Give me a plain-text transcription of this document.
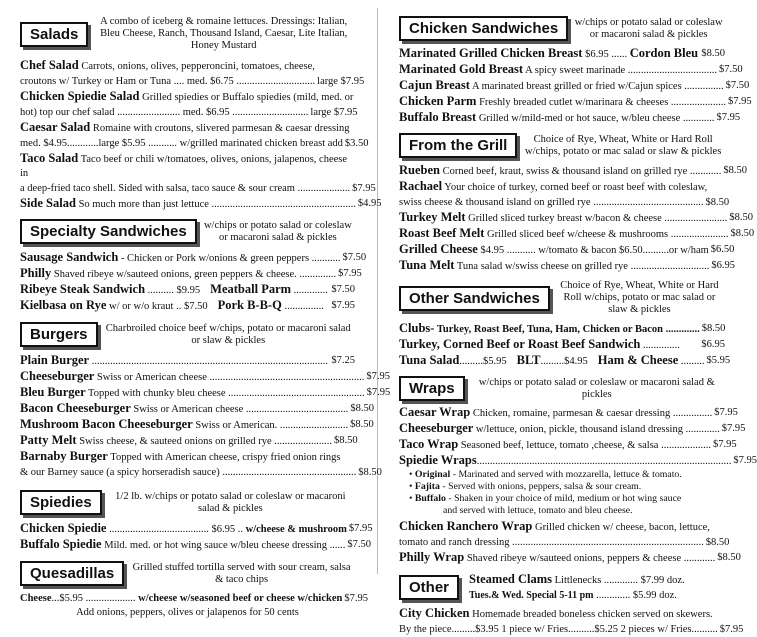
Salads
A combo of iceberg & romaine lettuces. Dressings: Italian, Bleu Cheese, Ranch, Thousand Island, Caesar, Lite Italian, Honey Mustard
Chef Salad Carrots, onions, olives, pepperoncini, tomatoes, cheese,
croutons w/ Turkey or Ham or Tuna .... med. $6.75 .............................. large $7.95
Chicken Spiedie Salad Grilled spiedies or Buffalo spiedies (mild, med. or
hot) top our chef salad ........................ med. $6.95 ............................. large $7.95
Caesar Salad Romaine with croutons, slivered parmesan & caesar dressing
med. $4.95............large $5.95 ........... w/grilled marinated chicken breast add $3.50
Taco Salad Taco beef or chili w/tomatoes, olives, onions, jalapenos, cheese in
a deep-fried taco shell. Sided with salsa, taco sauce & sour cream .................... $7.95
Side Salad So much more than just lettuce ....................................................... $4.95
Specialty Sandwiches	w/chips or potato salad or coleslaw or macaroni salad & pickles
Sausage Sandwich - Chicken or Pork w/onions & green peppers ........... $7.50
Philly Shaved ribeye w/sauteed onions, green peppers & cheese. .............. $7.95
Ribeye Steak Sandwich .......... $9.95 Meatball Parm ............. $7.50
Kielbasa on Rye w/ or w/o kraut .. $7.50 Pork B-B-Q ............... $7.95
Burgers	Charbroiled choice beef w/chips, potato or macaroni salad or slaw & pickles
Plain Burger .......................................................................................... $7.25
Cheeseburger Swiss or American cheese ........................................................... $7.95
Bleu Burger Topped with chunky bleu cheese .................................................... $7.95
Bacon Cheeseburger Swiss or American cheese ....................................... $8.50
Mushroom Bacon Cheeseburger Swiss or American. .......................... $8.50
Patty Melt Swiss cheese, & sauteed onions on grilled rye ...................... $8.50
Barnaby Burger Topped with American cheese, crispy fried onion rings
& our Barney sauce (a spicy horseradish sauce) ................................................... $8.50
Spiedies	1/2 lb. w/chips or potato salad or coleslaw or macaroni salad & pickles
Chicken Spiedie ...................................... $6.95 .. w/cheese & mushroom $7.95
Buffalo Spiedie Mild. med. or hot wing sauce w/bleu cheese dressing ...... $7.50
Quesadillas	Grilled stuffed tortilla served with sour cream, salsa & taco chips
Cheese...$5.95 ................... w/cheese w/seasoned beef or cheese w/chicken $7.95
Add onions, peppers, olives or jalapenos for 50 cents
Chicken Sandwiches	w/chips or potato salad or coleslaw or macaroni salad & pickles
Marinated Grilled Chicken Breast $6.95 ...... Cordon Bleu $8.50
Marinated Gold Breast A spicy sweet marinade .................................. $7.50
Cajun Breast A marinated breast grilled or fried w/Cajun spices ............... $7.50
Chicken Parm Freshly breaded cutlet w/marinara & cheeses ..................... $7.95
Buffalo Breast Grilled w/mild-med or hot sauce, w/bleu cheese ............ $7.95
From the Grill	Choice of Rye, Wheat, White or Hard Roll w/chips, potato or mac salad or slaw & pickles
Rueben Corned beef, kraut, swiss & thousand island on grilled rye ............ $8.50
Rachael Your choice of turkey, corned beef or roast beef with coleslaw,
swiss cheese & thousand island on grilled rye .......................................... $8.50
Turkey Melt Grilled sliced turkey breast w/bacon & cheese ........................ $8.50
Roast Beef Melt Grilled sliced beef w/cheese & mushrooms ...................... $8.50
Grilled Cheese $4.95 ........... w/tomato & bacon $6.50..........or w/ham $6.50
Tuna Melt Tuna salad w/swiss cheese on grilled rye .............................. $6.95
Other Sandwiches
Choice of Rye, Wheat, White or Hard Roll w/chips, potato or mac salad or slaw & pickles
Clubs- Turkey, Roast Beef, Tuna, Ham, Chicken or Bacon ............. $8.50
Turkey, Corned Beef or Roast Beef Sandwich ..............	$6.95
Tuna Salad.........$5.95 BLT.........$4.95 Ham & Cheese ......... $5.95
Wraps	w/chips or potato salad or coleslaw or macaroni salad & pickles
Caesar Wrap Chicken, romaine, parmesan & caesar dressing ............... $7.95
Cheeseburger w/lettuce, onion, pickle, thousand island dressing ............. $7.95
Taco Wrap Seasoned beef, lettuce, tomato ,cheese, & salsa ................... $7.95
Spiedie Wraps................................................................................................. $7.95
• Original - Marinated and served with mozzarella, lettuce & tomato.
• Fajita - Served with onions, peppers, salsa & sour cream.
• Buffalo - Shaken in your choice of mild, medium or hot wing sauce
and served with lettuce, tomato and bleu cheese.
Chicken Ranchero Wrap Grilled chicken w/ cheese, bacon, lettuce,
tomato and ranch dressing ......................................................................... $8.50
Philly Wrap Shaved ribeye w/sauteed onions, peppers & cheese ............ $8.50
Other	Steamed Clams Littlenecks ............. $7.99 doz.
Tues.& Wed. Special 5-11 pm ............. $5.99 doz.
City Chicken Homemade breaded boneless chicken served on skewers.
By the piece.........$3.95 1 piece w/ Fries..........$5.25 2 pieces w/ Fries.......... $7.95
